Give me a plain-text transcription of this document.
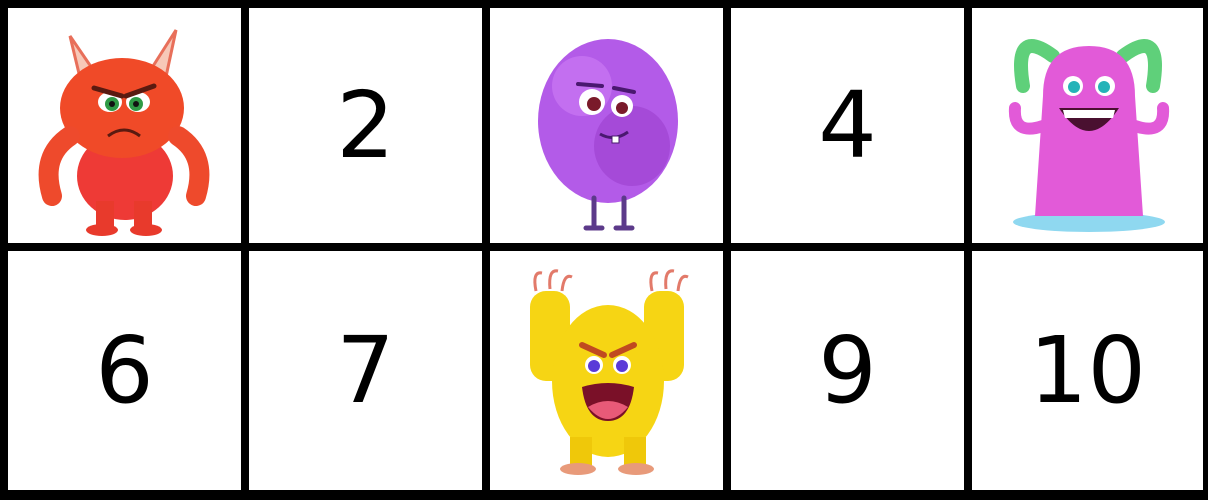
2	4
6 7	9 10
